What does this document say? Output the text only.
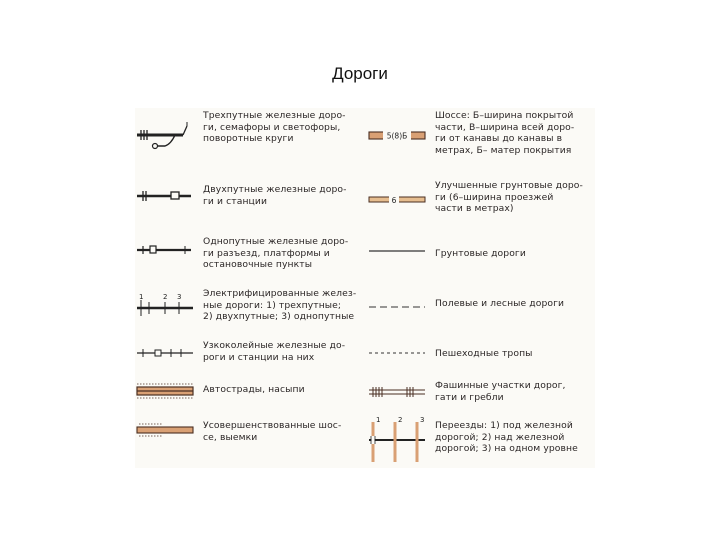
Дороги
Трехпутные железные доро-
ги, семафоры и светофоры,
поворотные круги
Двухпутные железные доро-
ги и станции
Однопутные железные доро-
ги разъезд, платформы и
остановочные пункты
1	2 3 Электрифицированные желез-
ные дороги: 1) трехпутные;
2) двухпутные; 3) однопутные
Узкоколейные железные до-
роги и станции на них
Автострады, насыпи
Усовершенствованные шос-
се, выемки
5(8)Б
Шоссе: Б–ширина покрытой
части, В–ширина всей доро-
ги от канавы до канавы в
метрах, Б– матер покрытия
6
Улучшенные грунтовые доро-
ги (6–ширина проезжей
части в метрах)
Грунтовые дороги
Полевые и лесные дороги
Пешеходные тропы
Фашинные участки дорог,
гати и гребли
1	2	3 Переезды: 1) под железной
дорогой; 2) над железной
дорогой; 3) на одном уровне
